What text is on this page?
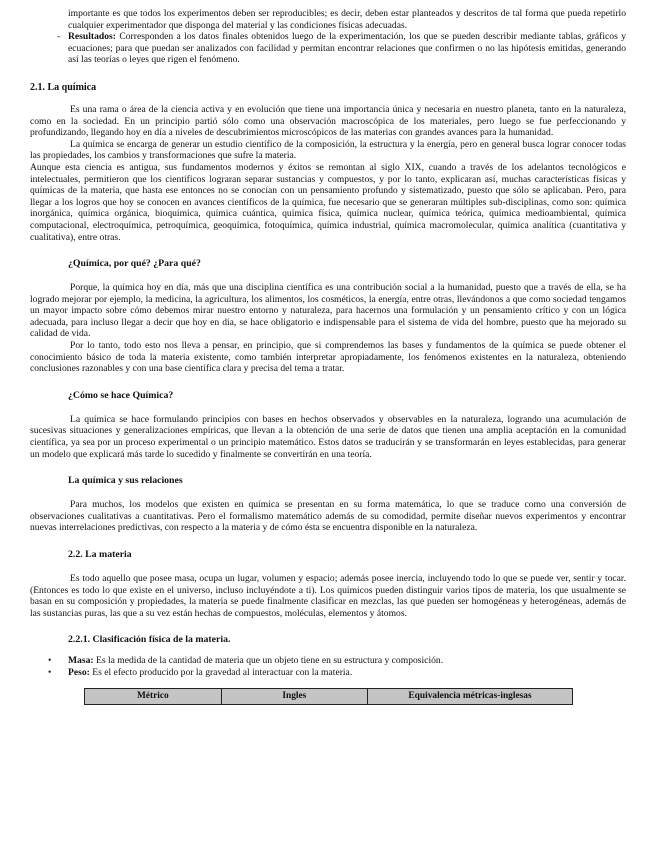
importante es que todos los experimentos deben ser reproducibles; es decir, deben estar planteados y descritos de tal forma que pueda repetirlo cualquier experimentador que disponga del material y las condiciones físicas adecuadas.

- Resultados: Corresponden a los datos finales obtenidos luego de la experimentación, los que se pueden describir mediante tablas, gráficos y ecuaciones; para que puedan ser analizados con facilidad y permitan encontrar relaciones que confirmen o no las hipótesis emitidas, generando así las teorías o leyes que rigen el fenómeno.

2.1. La química

Es una rama o área de la ciencia activa y en evolución que tiene una importancia única y necesaria en nuestro planeta, tanto en la naturaleza, como en la sociedad. En un principio partió sólo como una observación macroscópica de los materiales, pero luego se fue perfeccionando y profundizando, llegando hoy en día a niveles de descubrimientos microscópicos de las materias con grandes avances para la humanidad.

La química se encarga de generar un estudio científico de la composición, la estructura y la energía, pero en general busca lograr conocer todas las propiedades, los cambios y transformaciones que sufre la materia.

Aunque esta ciencia es antigua, sus fundamentos modernos y éxitos se remontan al siglo XIX, cuando a través de los adelantos tecnológicos e intelectuales, permitieron que los científicos lograran separar sustancias y compuestos, y por lo tanto, explicaran así, muchas características físicas y químicas de la materia, que hasta ese entonces no se conocían con un pensamiento profundo y sistematizado, puesto que sólo se aplicaban. Pero, para llegar a los logros que hoy se conocen en avances científicos de la química, fue necesario que se generaran múltiples sub-disciplinas, como son: química inorgánica, química orgánica, bioquímica, química cuántica, química física, química nuclear, química teórica, química medioambiental, química computacional, electroquímica, petroquímica, geoquímica, fotoquímica, química industrial, química macromolecular, química analítica (cuantitativa y cualitativa), entre otras.

¿Química, por qué? ¿Para qué?

Porque, la química hoy en día, más que una disciplina científica es una contribución social a la humanidad, puesto que a través de ella, se ha logrado mejorar por ejemplo, la medicina, la agricultura, los alimentos, los cosméticos, la energía, entre otras, llevándonos a que como sociedad tengamos un mayor impacto sobre cómo debemos mirar nuestro entorno y naturaleza, para hacernos una formulación y un pensamiento crítico y con un lógica adecuada, para incluso llegar a decir que hoy en día, se hace obligatorio e indispensable para el sistema de vida del hombre, puesto que ha mejorado su calidad de vida.

Por lo tanto, todo esto nos lleva a pensar, en principio, que si comprendemos las bases y fundamentos de la química se puede obtener el conocimiento básico de toda la materia existente, como también interpretar apropiadamente, los fenómenos existentes en la naturaleza, obteniendo conclusiones razonables y con una base científica clara y precisa del tema a tratar.

¿Cómo se hace Química?

La química se hace formulando principios con bases en hechos observados y observables en la naturaleza, logrando una acumulación de sucesivas situaciones y generalizaciones empíricas, que llevan a la obtención de una serie de datos que tienen una amplia aceptación en la comunidad científica, ya sea por un proceso experimental o un principio matemático. Estos datos se traducirán y se transformarán en leyes establecidas, para generar un modelo que explicará más tarde lo sucedido y finalmente se convertirán en una teoría.

La química y sus relaciones

Para muchos, los modelos que existen en química se presentan en su forma matemática, lo que se traduce como una conversión de observaciones cualitativas a cuantitativas. Pero el formalismo matemático además de su comodidad, permite diseñar nuevos experimentos y encontrar nuevas interrelaciones predictivas, con respecto a la materia y de cómo ésta se encuentra disponible en la naturaleza.

2.2. La materia

Es todo aquello que posee masa, ocupa un lugar, volumen y espacio; además posee inercia, incluyendo todo lo que se puede ver, sentir y tocar. (Entonces es todo lo que existe en el universo, incluso incluyéndote a ti). Los químicos pueden distinguir varios tipos de materia, los que usualmente se basan en su composición y propiedades, la materia se puede finalmente clasificar en mezclas, las que pueden ser homogéneas y heterogéneas, además de las sustancias puras, las que a su vez están hechas de compuestos, moléculas, elementos y átomos.

2.2.1. Clasificación física de la materia.
• Masa: Es la medida de la cantidad de materia que un objeto tiene en su estructura y composición.
• Peso: Es el efecto producido por la gravedad al interactuar con la materia.
Métrico	Ingles	Equivalencia métricas-inglesas
